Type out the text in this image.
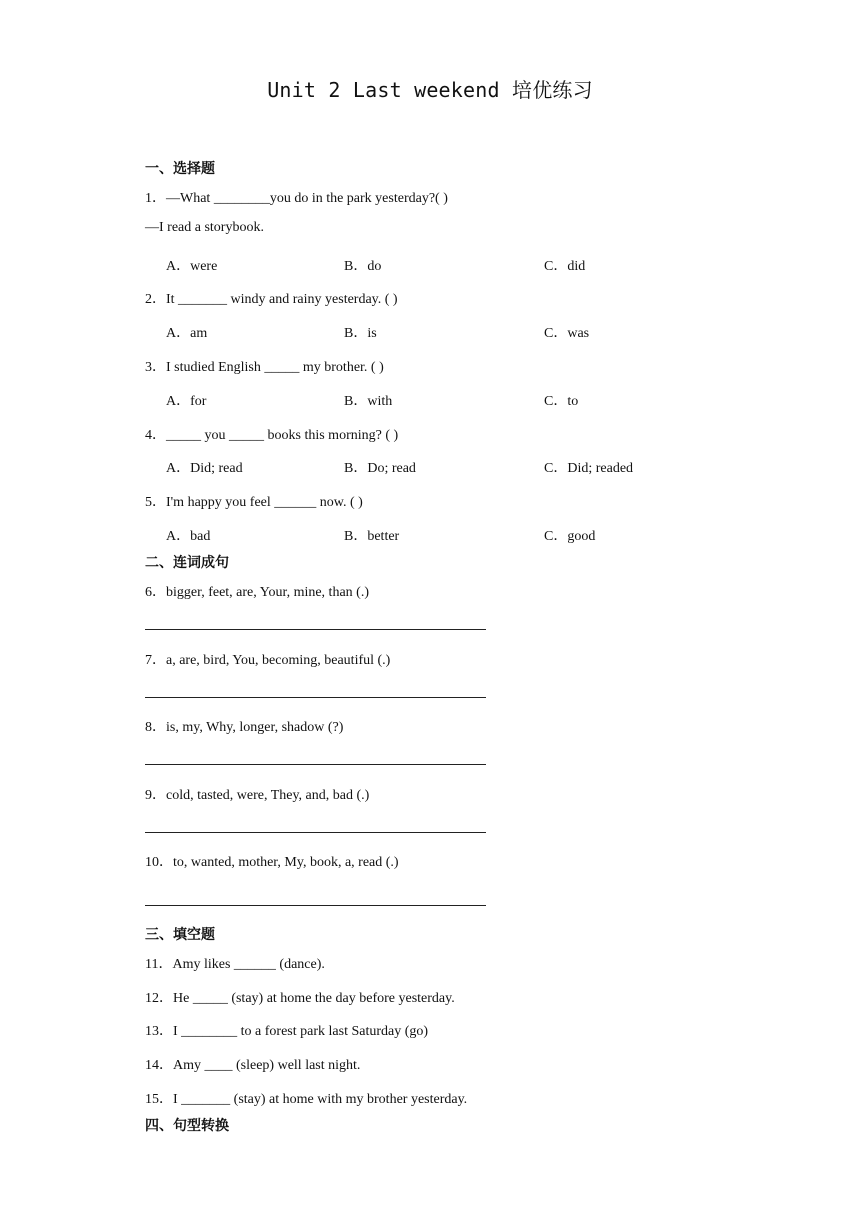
Unit 2 Last weekend 培优练习
一、选择题
1．—What ________you do in the park yesterday?( )
—I read a storybook.
A．were	B．do	C．did
2．It _______ windy and rainy yesterday. ( )
A．am	B．is	C．was
3．I studied English _____ my brother. ( )
A．for	B．with	C．to
4．_____ you _____ books this morning? ( )
A．Did; read	B．Do; read	C．Did; readed
5．I'm happy you feel ______ now. ( )
A．bad	B．better	C．good
二、连词成句
6．bigger, feet, are, Your, mine, than (.)
7．a, are, bird, You, becoming, beautiful (.)
8．is, my, Why, longer, shadow (?)
9．cold, tasted, were, They, and, bad (.)
10．to, wanted, mother, My, book, a, read (.)
三、填空题
11．Amy likes ______ (dance).
12．He _____ (stay) at home the day before yesterday.
13．I ________ to a forest park last Saturday (go)
14．Amy ____ (sleep) well last night.
15．I _______ (stay) at home with my brother yesterday.
四、句型转换
